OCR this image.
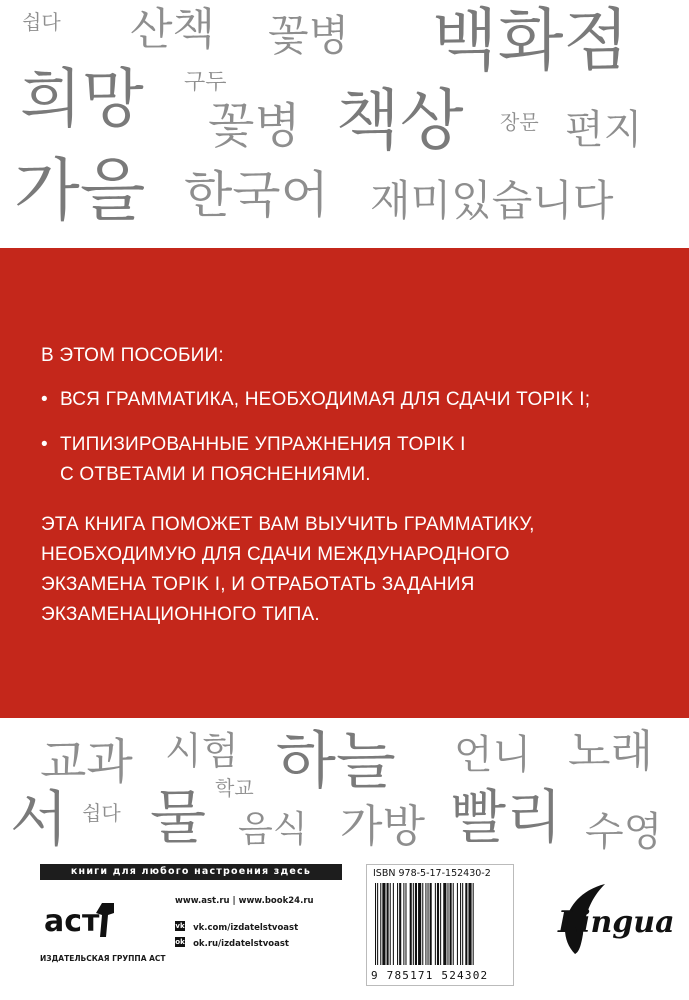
쉽다 산책 꽃병 백화점
희망 구두
꽃병 책상 장문 편지
가을 한국어 재미있습니다
В ЭТОМ ПОСОБИИ:
• ВСЯ ГРАММАТИКА, НЕОБХОДИМАЯ ДЛЯ СДАЧИ TOPIK I;
• ТИПИЗИРОВАННЫЕ УПРАЖНЕНИЯ TOPIK I
С ОТВЕТАМИ И ПОЯСНЕНИЯМИ.
ЭТА КНИГА ПОМОЖЕТ ВАМ ВЫУЧИТЬ ГРАММАТИКУ,
НЕОБХОДИМУЮ ДЛЯ СДАЧИ МЕЖДУНАРОДНОГО
ЭКЗАМЕНА TOPIK I, И ОТРАБОТАТЬ ЗАДАНИЯ
ЭКЗАМЕНАЦИОННОГО ТИПА.
교과 시험 하늘 언니 노래
학교
서 쉽다 물 음식 가방 빨리 수영
книги для любого настроения здесь
аст
ИЗДАТЕЛЬСКАЯ ГРУППА АСТ
www.ast.ru | www.book24.ru
vk vk.com/izdatelstvoast
ok ok.ru/izdatelstvoast
ISBN 978-5-17-152430-2
9 785171 524302
Lingua
